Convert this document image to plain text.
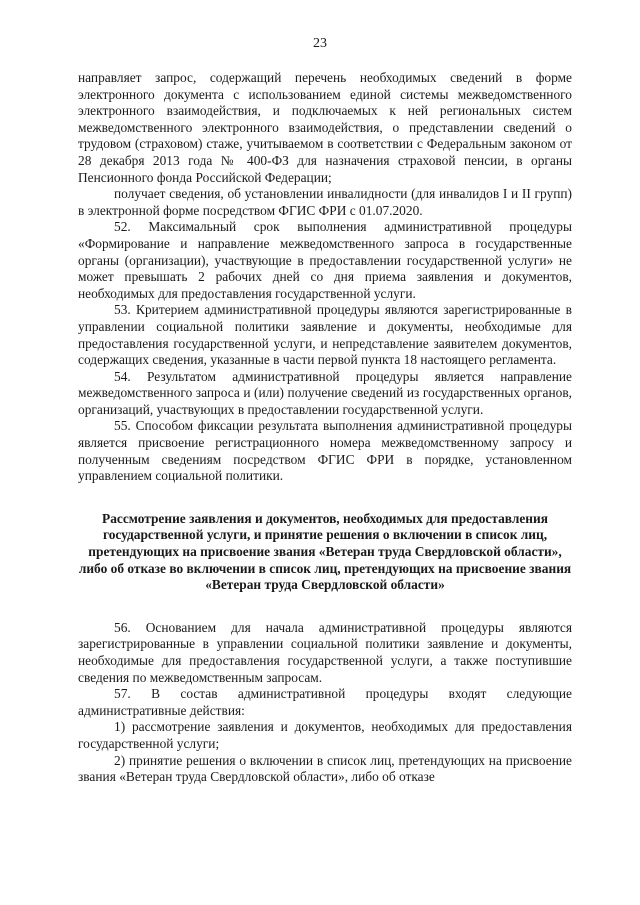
23

направляет запрос, содержащий перечень необходимых сведений в форме электронного документа с использованием единой системы межведомственного электронного взаимодействия, и подключаемых к ней региональных систем межведомственного электронного взаимодействия, о представлении сведений о трудовом (страховом) стаже, учитываемом в соответствии с Федеральным законом от 28 декабря 2013 года № 400-ФЗ для назначения страховой пенсии, в органы Пенсионного фонда Российской Федерации;

получает сведения, об установлении инвалидности (для инвалидов I и II групп) в электронной форме посредством ФГИС ФРИ с 01.07.2020.

52. Максимальный срок выполнения административной процедуры «Формирование и направление межведомственного запроса в государственные органы (организации), участвующие в предоставлении государственной услуги» не может превышать 2 рабочих дней со дня приема заявления и документов, необходимых для предоставления государственной услуги.

53. Критерием административной процедуры являются зарегистрированные в управлении социальной политики заявление и документы, необходимые для предоставления государственной услуги, и непредставление заявителем документов, содержащих сведения, указанные в части первой пункта 18 настоящего регламента.

54. Результатом административной процедуры является направление межведомственного запроса и (или) получение сведений из государственных органов, организаций, участвующих в предоставлении государственной услуги.

55. Способом фиксации результата выполнения административной процедуры является присвоение регистрационного номера межведомственному запросу и полученным сведениям посредством ФГИС ФРИ в порядке, установленном управлением социальной политики.

Рассмотрение заявления и документов, необходимых для предоставления государственной услуги, и принятие решения о включении в список лиц, претендующих на присвоение звания «Ветеран труда Свердловской области», либо об отказе во включении в список лиц, претендующих на присвоение звания «Ветеран труда Свердловской области»

56. Основанием для начала административной процедуры являются зарегистрированные в управлении социальной политики заявление и документы, необходимые для предоставления государственной услуги, а также поступившие сведения по межведомственным запросам.

57. В состав административной процедуры входят следующие административные действия:

1) рассмотрение заявления и документов, необходимых для предоставления государственной услуги;

2) принятие решения о включении в список лиц, претендующих на присвоение звания «Ветеран труда Свердловской области», либо об отказе
